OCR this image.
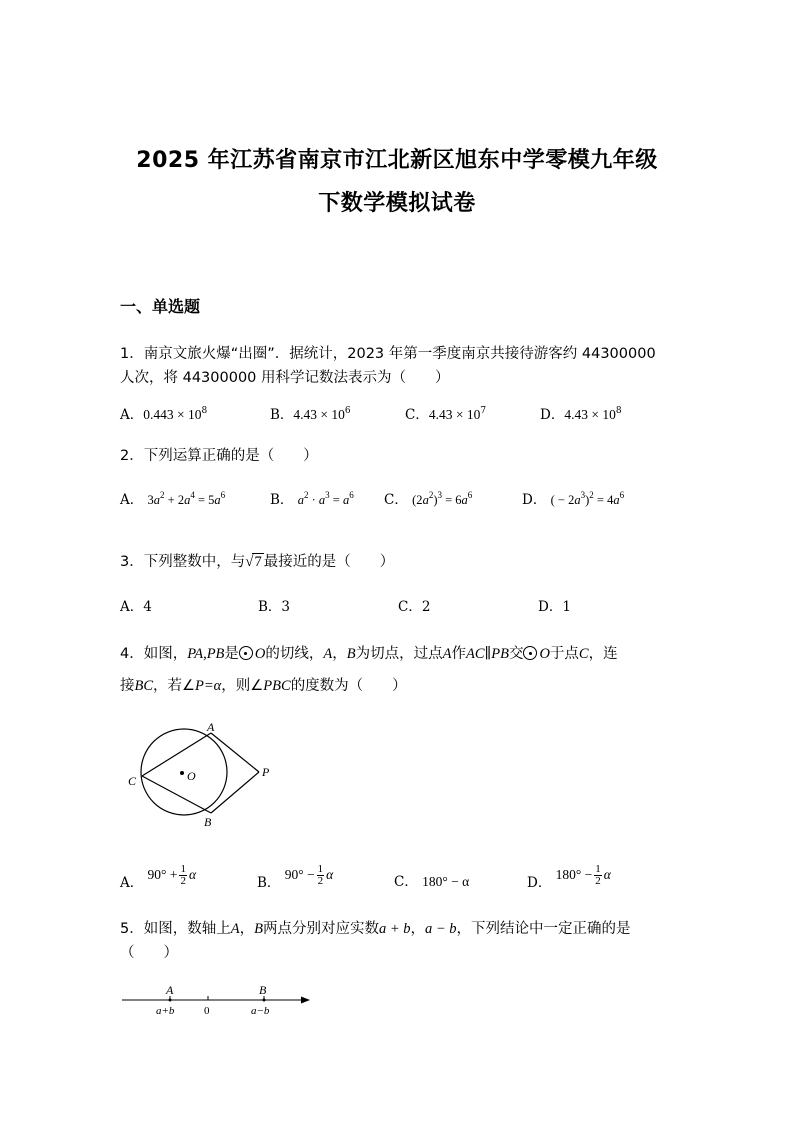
2025 年江苏省南京市江北新区旭东中学零模九年级
下数学模拟试卷
一、单选题
1．南京文旅火爆“出圈”．据统计，2023 年第一季度南京共接待游客约 44300000
人次，将 44300000 用科学记数法表示为（　　）
A．$0.443 \times 10^8$	B．$4.43 \times 10^6$	C．$4.43 \times 10^7$	D．$4.43 \times 10^8$
2．下列运算正确的是（　　）
A． $3a^2 + 2a^4 = 5a^6$	B． $a^2 \cdot a^3 = a^6$ C． $(2a^2)^3 = 6a^6$	D． ( − $2a^3)^2 = 4a^6$
3．下列整数中，与√7 最接近的是（　　）
A．4	B．3	C．2	D．1
4．如图，PA,PB是 O的切线，A，B为切点，过点A作AC∥PB交 O于点C，连
接BC，若∠P=α，则∠PBC的度数为（　　）
A
B
C	O	P
A． $90^\circ + \frac{1}{2}$ α
B． $90^\circ - \frac{1}{2}$ α	C． 180° − α	D． $180^\circ - \frac{1}{2}$ α
5．如图，数轴上A，B两点分别对应实数a + b，a − b，下列结论中一定正确的是
（　　）
A	B
a+b	0	a−b
